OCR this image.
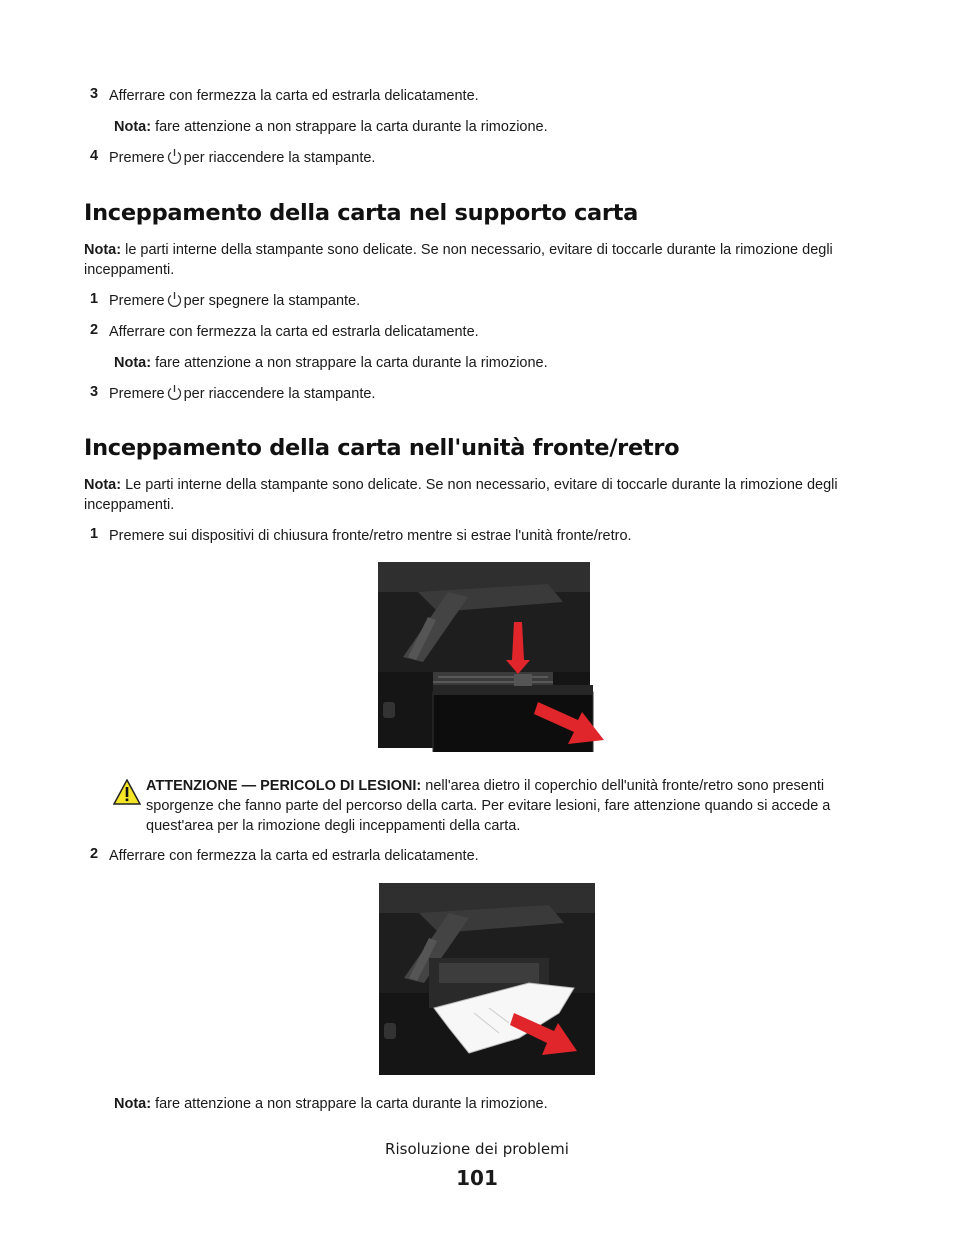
3 Afferrare con fermezza la carta ed estrarla delicatamente.
Nota: fare attenzione a non strappare la carta durante la rimozione.
4 Premere per riaccendere la stampante.
Inceppamento della carta nel supporto carta
Nota: le parti interne della stampante sono delicate. Se non necessario, evitare di toccarle durante la rimozione degli inceppamenti.
1 Premere per spegnere la stampante.
2 Afferrare con fermezza la carta ed estrarla delicatamente.
Nota: fare attenzione a non strappare la carta durante la rimozione.
3 Premere per riaccendere la stampante.
Inceppamento della carta nell'unità fronte/retro
Nota: Le parti interne della stampante sono delicate. Se non necessario, evitare di toccarle durante la rimozione degli inceppamenti.
1 Premere sui dispositivi di chiusura fronte/retro mentre si estrae l'unità fronte/retro.
ATTENZIONE — PERICOLO DI LESIONI: nell'area dietro il coperchio dell'unità fronte/retro sono presenti sporgenze che fanno parte del percorso della carta. Per evitare lesioni, fare attenzione quando si accede a quest'area per la rimozione degli inceppamenti della carta.
2 Afferrare con fermezza la carta ed estrarla delicatamente.
Nota: fare attenzione a non strappare la carta durante la rimozione.
Risoluzione dei problemi
101
